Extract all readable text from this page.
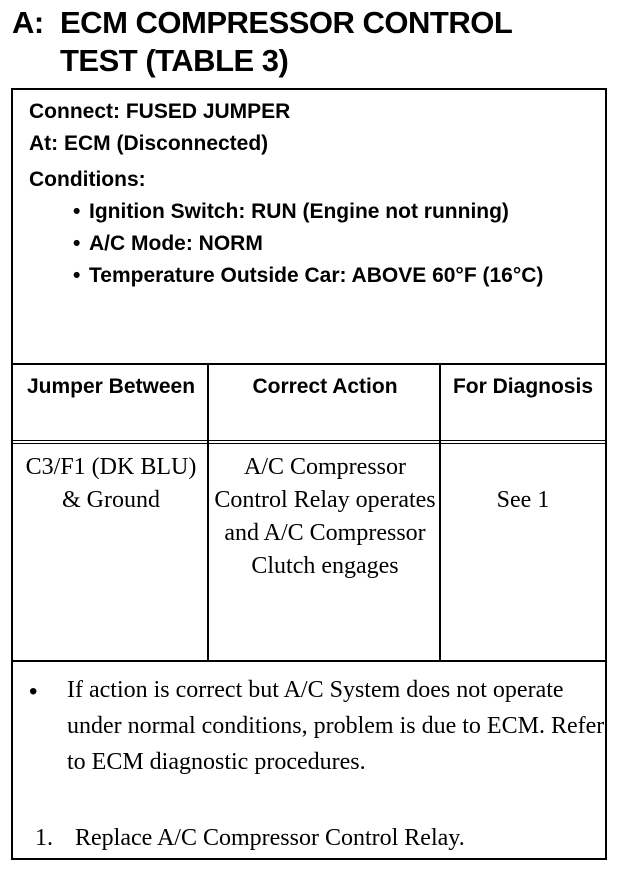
A: ECM COMPRESSOR CONTROL
TEST (TABLE 3)
Connect: FUSED JUMPER
At: ECM (Disconnected)
Conditions:
• Ignition Switch: RUN (Engine not running)
• A/C Mode: NORM
• Temperature Outside Car: ABOVE 60°F (16°C)
Jumper Between	Correct Action	For Diagnosis
C3/F1 (DK BLU) & Ground
A/C Compressor Control Relay operates and A/C Compressor Clutch engages
See 1
• If action is correct but A/C System does not operate under normal conditions, problem is due to ECM. Refer to ECM diagnostic procedures.
1. Replace A/C Compressor Control Relay.
